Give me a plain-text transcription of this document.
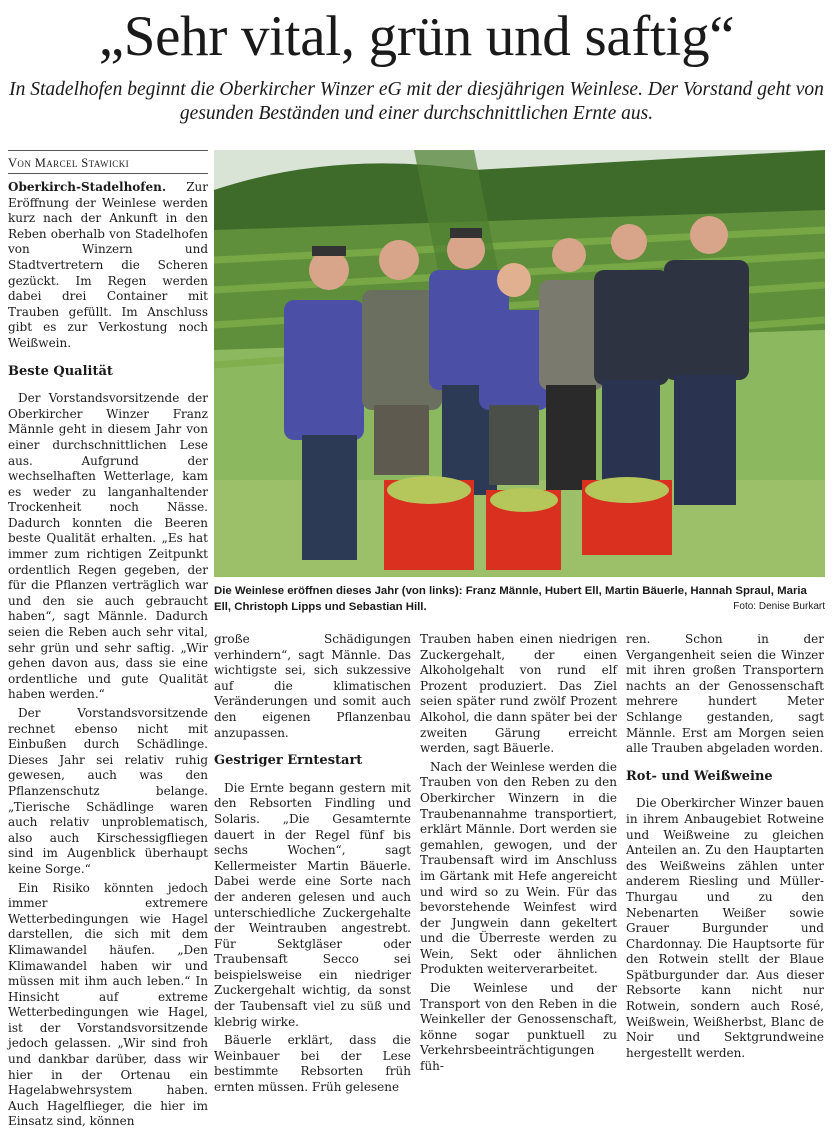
„Sehr vital, grün und saftig“

In Stadelhofen beginnt die Oberkircher Winzer eG mit der diesjährigen Weinlese. Der Vorstand geht von gesunden Beständen und einer durchschnittlichen Ernte aus.

Von Marcel Stawicki

Oberkirch-Stadelhofen. Zur Eröffnung der Weinlese werden kurz nach der Ankunft in den Reben oberhalb von Stadelhofen von Winzern und Stadtvertretern die Scheren gezückt. Im Regen werden dabei drei Container mit Trauben gefüllt. Im Anschluss gibt es zur Verkostung noch Weißwein.

Beste Qualität

Der Vorstandsvorsitzende der Oberkircher Winzer Franz Männle geht in diesem Jahr von einer durchschnittlichen Lese aus. Aufgrund der wechselhaften Wetterlage, kam es weder zu langanhaltender Trockenheit noch Nässe. Dadurch konnten die Beeren beste Qualität erhalten. „Es hat immer zum richtigen Zeitpunkt ordentlich Regen gegeben, der für die Pflanzen verträglich war und den sie auch gebraucht haben“, sagt Männle. Dadurch seien die Reben auch sehr vital, sehr grün und sehr saftig. „Wir gehen davon aus, dass sie eine ordentliche und gute Qualität haben werden.“

Der Vorstandsvorsitzende rechnet ebenso nicht mit Einbußen durch Schädlinge. Dieses Jahr sei relativ ruhig gewesen, auch was den Pflanzenschutz belange. „Tierische Schädlinge waren auch relativ unproblematisch, also auch Kirschessigfliegen sind im Augenblick überhaupt keine Sorge.“

Ein Risiko könnten jedoch immer extremere Wetterbedingungen wie Hagel darstellen, die sich mit dem Klimawandel häufen. „Den Klimawandel haben wir und müssen mit ihm auch leben.“ In Hinsicht auf extreme Wetterbedingungen wie Hagel, ist der Vorstandsvorsitzende jedoch gelassen. „Wir sind froh und dankbar darüber, dass wir hier in der Ortenau ein Hagelabwehrsystem haben. Auch Hagelflieger, die hier im Einsatz sind, können

Die Weinlese eröffnen dieses Jahr (von links): Franz Männle, Hubert Ell, Martin Bäuerle, Hannah Spraul, Maria Ell, Christoph Lipps und Sebastian Hill.	Foto: Denise Burkart

große Schädigungen verhindern“, sagt Männle. Das wichtigste sei, sich sukzessive auf die klimatischen Veränderungen und somit auch den eigenen Pflanzenbau anzupassen.

Gestriger Erntestart

Die Ernte begann gestern mit den Rebsorten Findling und Solaris. „Die Gesamternte dauert in der Regel fünf bis sechs Wochen“, sagt Kellermeister Martin Bäuerle. Dabei werde eine Sorte nach der anderen gelesen und auch unterschiedliche Zuckergehalte der Weintrauben angestrebt. Für Sektgläser oder Traubensaft Secco sei beispielsweise ein niedriger Zuckergehalt wichtig, da sonst der Taubensaft viel zu süß und klebrig wirke.

Bäuerle erklärt, dass die Weinbauer bei der Lese bestimmte Rebsorten früh ernten müssen. Früh gelesene

Trauben haben einen niedrigen Zuckergehalt, der einen Alkoholgehalt von rund elf Prozent produziert. Das Ziel seien später rund zwölf Prozent Alkohol, die dann später bei der zweiten Gärung erreicht werden, sagt Bäuerle.

Nach der Weinlese werden die Trauben von den Reben zu den Oberkircher Winzern in die Traubenannahme transportiert, erklärt Männle. Dort werden sie gemahlen, gewogen, und der Traubensaft wird im Anschluss im Gärtank mit Hefe angereicht und wird so zu Wein. Für das bevorstehende Weinfest wird der Jungwein dann gekeltert und die Überreste werden zu Wein, Sekt oder ähnlichen Produkten weiterverarbeitet.

Die Weinlese und der Transport von den Reben in die Weinkeller der Genossenschaft, könne sogar punktuell zu Verkehrsbeeinträchtigungen füh-

ren. Schon in der Vergangenheit seien die Winzer mit ihren großen Transportern nachts an der Genossenschaft mehrere hundert Meter Schlange gestanden, sagt Männle. Erst am Morgen seien alle Trauben abgeladen worden.

Rot- und Weißweine

Die Oberkircher Winzer bauen in ihrem Anbaugebiet Rotweine und Weißweine zu gleichen Anteilen an. Zu den Hauptarten des Weißweins zählen unter anderem Riesling und Müller-Thurgau und zu den Nebenarten Weißer sowie Grauer Burgunder und Chardonnay. Die Hauptsorte für den Rotwein stellt der Blaue Spätburgunder dar. Aus dieser Rebsorte kann nicht nur Rotwein, sondern auch Rosé, Weißwein, Weißherbst, Blanc de Noir und Sektgrundweine hergestellt werden.
